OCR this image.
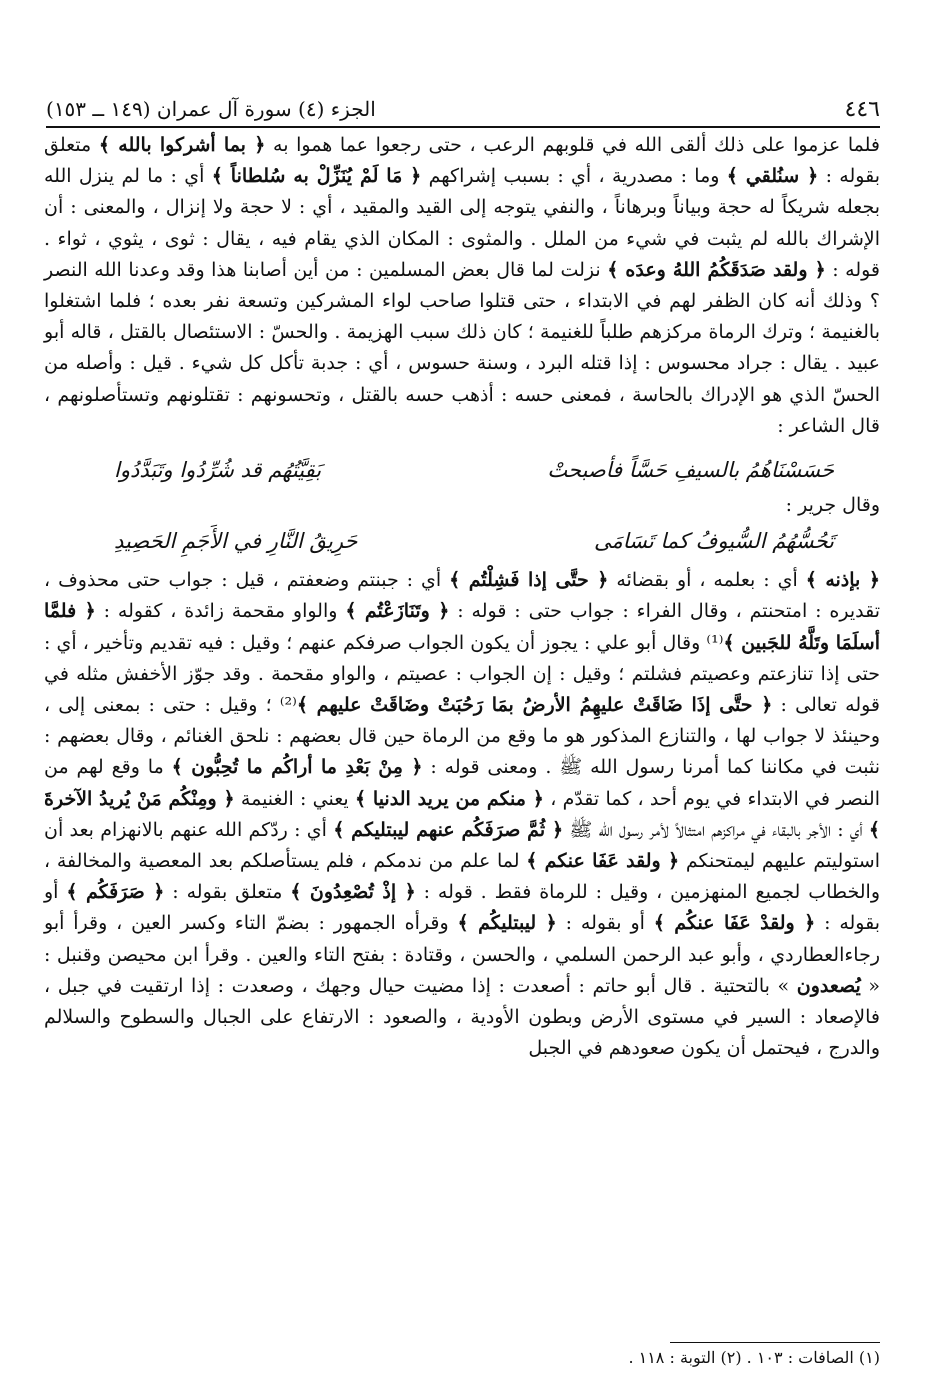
٤٤٦
الجزء (٤) سورة آل عمران (١٤٩ ــ ١٥٣)

فلما عزموا على ذلك ألقى الله في قلوبهم الرعب ، حتى رجعوا عما هموا به ﴿ بما أشركوا بالله ﴾ متعلق بقوله : ﴿ سنُلقي ﴾ وما : مصدرية ، أي : بسبب إشراكهم ﴿ مَا لَمْ يُنَزِّلْ به سُلطاناً ﴾ أي : ما لم ينزل الله بجعله شريكاً له حجة وبياناً وبرهاناً ، والنفي يتوجه إلى القيد والمقيد ، أي : لا حجة ولا إنزال ، والمعنى : أن الإشراك بالله لم يثبت في شيء من الملل . والمثوى : المكان الذي يقام فيه ، يقال : ثوى ، يثوي ، ثواء . قوله : ﴿ ولقد صَدَقَكُمُ اللهُ وعدَه ﴾ نزلت لما قال بعض المسلمين : من أين أصابنا هذا وقد وعدنا الله النصر ؟ وذلك أنه كان الظفر لهم في الابتداء ، حتى قتلوا صاحب لواء المشركين وتسعة نفر بعده ؛ فلما اشتغلوا بالغنيمة ؛ وترك الرماة مركزهم طلباً للغنيمة ؛ كان ذلك سبب الهزيمة . والحسّ : الاستئصال بالقتل ، قاله أبو عبيد . يقال : جراد محسوس : إذا قتله البرد ، وسنة حسوس ، أي : جدبة تأكل كل شيء . قيل : وأصله من الحسّ الذي هو الإدراك بالحاسة ، فمعنى حسه : أذهب حسه بالقتل ، وتحسونهم : تقتلونهم وتستأصلونهم ، قال الشاعر :

حَسَسْنَاهُمُ بالسيفِ حَسَّاً فأصبحتْ
بَقِيَّتُهُم قد شُرِّدُوا وتَبَدَّدُوا

وقال جرير :

تَحُسُّهُمُ السُّيوفُ كما تَسَامَى
حَرِيقُ النَّارِ في الأَجَمِ الحَصِيدِ

﴿ بإذنه ﴾ أي : بعلمه ، أو بقضائه ﴿ حتَّى إذا فَشِلْتُم ﴾ أي : جبنتم وضعفتم ، قيل : جواب حتى محذوف ، تقديره : امتحنتم ، وقال الفراء : جواب حتى : قوله : ﴿ وتَنَازَعْتُم ﴾ والواو مقحمة زائدة ، كقوله : ﴿ فلمَّا أسلَمَا وتَلَّهُ للجَبين ﴾⁽¹⁾ وقال أبو علي : يجوز أن يكون الجواب صرفكم عنهم ؛ وقيل : فيه تقديم وتأخير ، أي : حتى إذا تنازعتم وعصيتم فشلتم ؛ وقيل : إن الجواب : عصيتم ، والواو مقحمة . وقد جوّز الأخفش مثله في قوله تعالى : ﴿ حتَّى إذَا ضَاقَتْ عليهِمُ الأرضُ بمَا رَحُبَتْ وضَاقَتْ عليهم ﴾⁽²⁾ ؛ وقيل : حتى : بمعنى إلى ، وحينئذ لا جواب لها ، والتنازع المذكور هو ما وقع من الرماة حين قال بعضهم : نلحق الغنائم ، وقال بعضهم : نثبت في مكاننا كما أمرنا رسول الله ﷺ . ومعنى قوله : ﴿ مِنْ بَعْدِ ما أراكُم ما تُحِبُّون ﴾ ما وقع لهم من النصر في الابتداء في يوم أحد ، كما تقدّم ، ﴿ منكم من يريد الدنيا ﴾ يعني : الغنيمة ﴿ ومِنْكُم مَنْ يُريدُ الآخرةَ ﴾ أي : الأجر بالبقاء في مراكزهم امتثالاً لأمر رسول الله ﷺ ﴿ ثُمَّ صرَفَكُم عنهم ليبتليكم ﴾ أي : ردّكم الله عنهم بالانهزام بعد أن استوليتم عليهم ليمتحنكم ﴿ ولقد عَفَا عنكم ﴾ لما علم من ندمكم ، فلم يستأصلكم بعد المعصية والمخالفة ، والخطاب لجميع المنهزمين ، وقيل : للرماة فقط . قوله : ﴿ إذْ تُصْعِدُونَ ﴾ متعلق بقوله : ﴿ صَرَفَكُم ﴾ أو بقوله : ﴿ ولقدْ عَفَا عنكُم ﴾ أو بقوله : ﴿ ليبتليكُم ﴾ وقرأه الجمهور : بضمّ التاء وكسر العين ، وقرأ أبو رجاءالعطاردي ، وأبو عبد الرحمن السلمي ، والحسن ، وقتادة : بفتح التاء والعين . وقرأ ابن محيصن وقنبل : « يُصعدون » بالتحتية . قال أبو حاتم : أصعدت : إذا مضيت حيال وجهك ، وصعدت : إذا ارتقيت في جبل ، فالإصعاد : السير في مستوى الأرض وبطون الأودية ، والصعود : الارتفاع على الجبال والسطوح والسلالم والدرج ، فيحتمل أن يكون صعودهم في الجبل

(١) الصافات : ١٠٣ . (٢) التوبة : ١١٨ .
